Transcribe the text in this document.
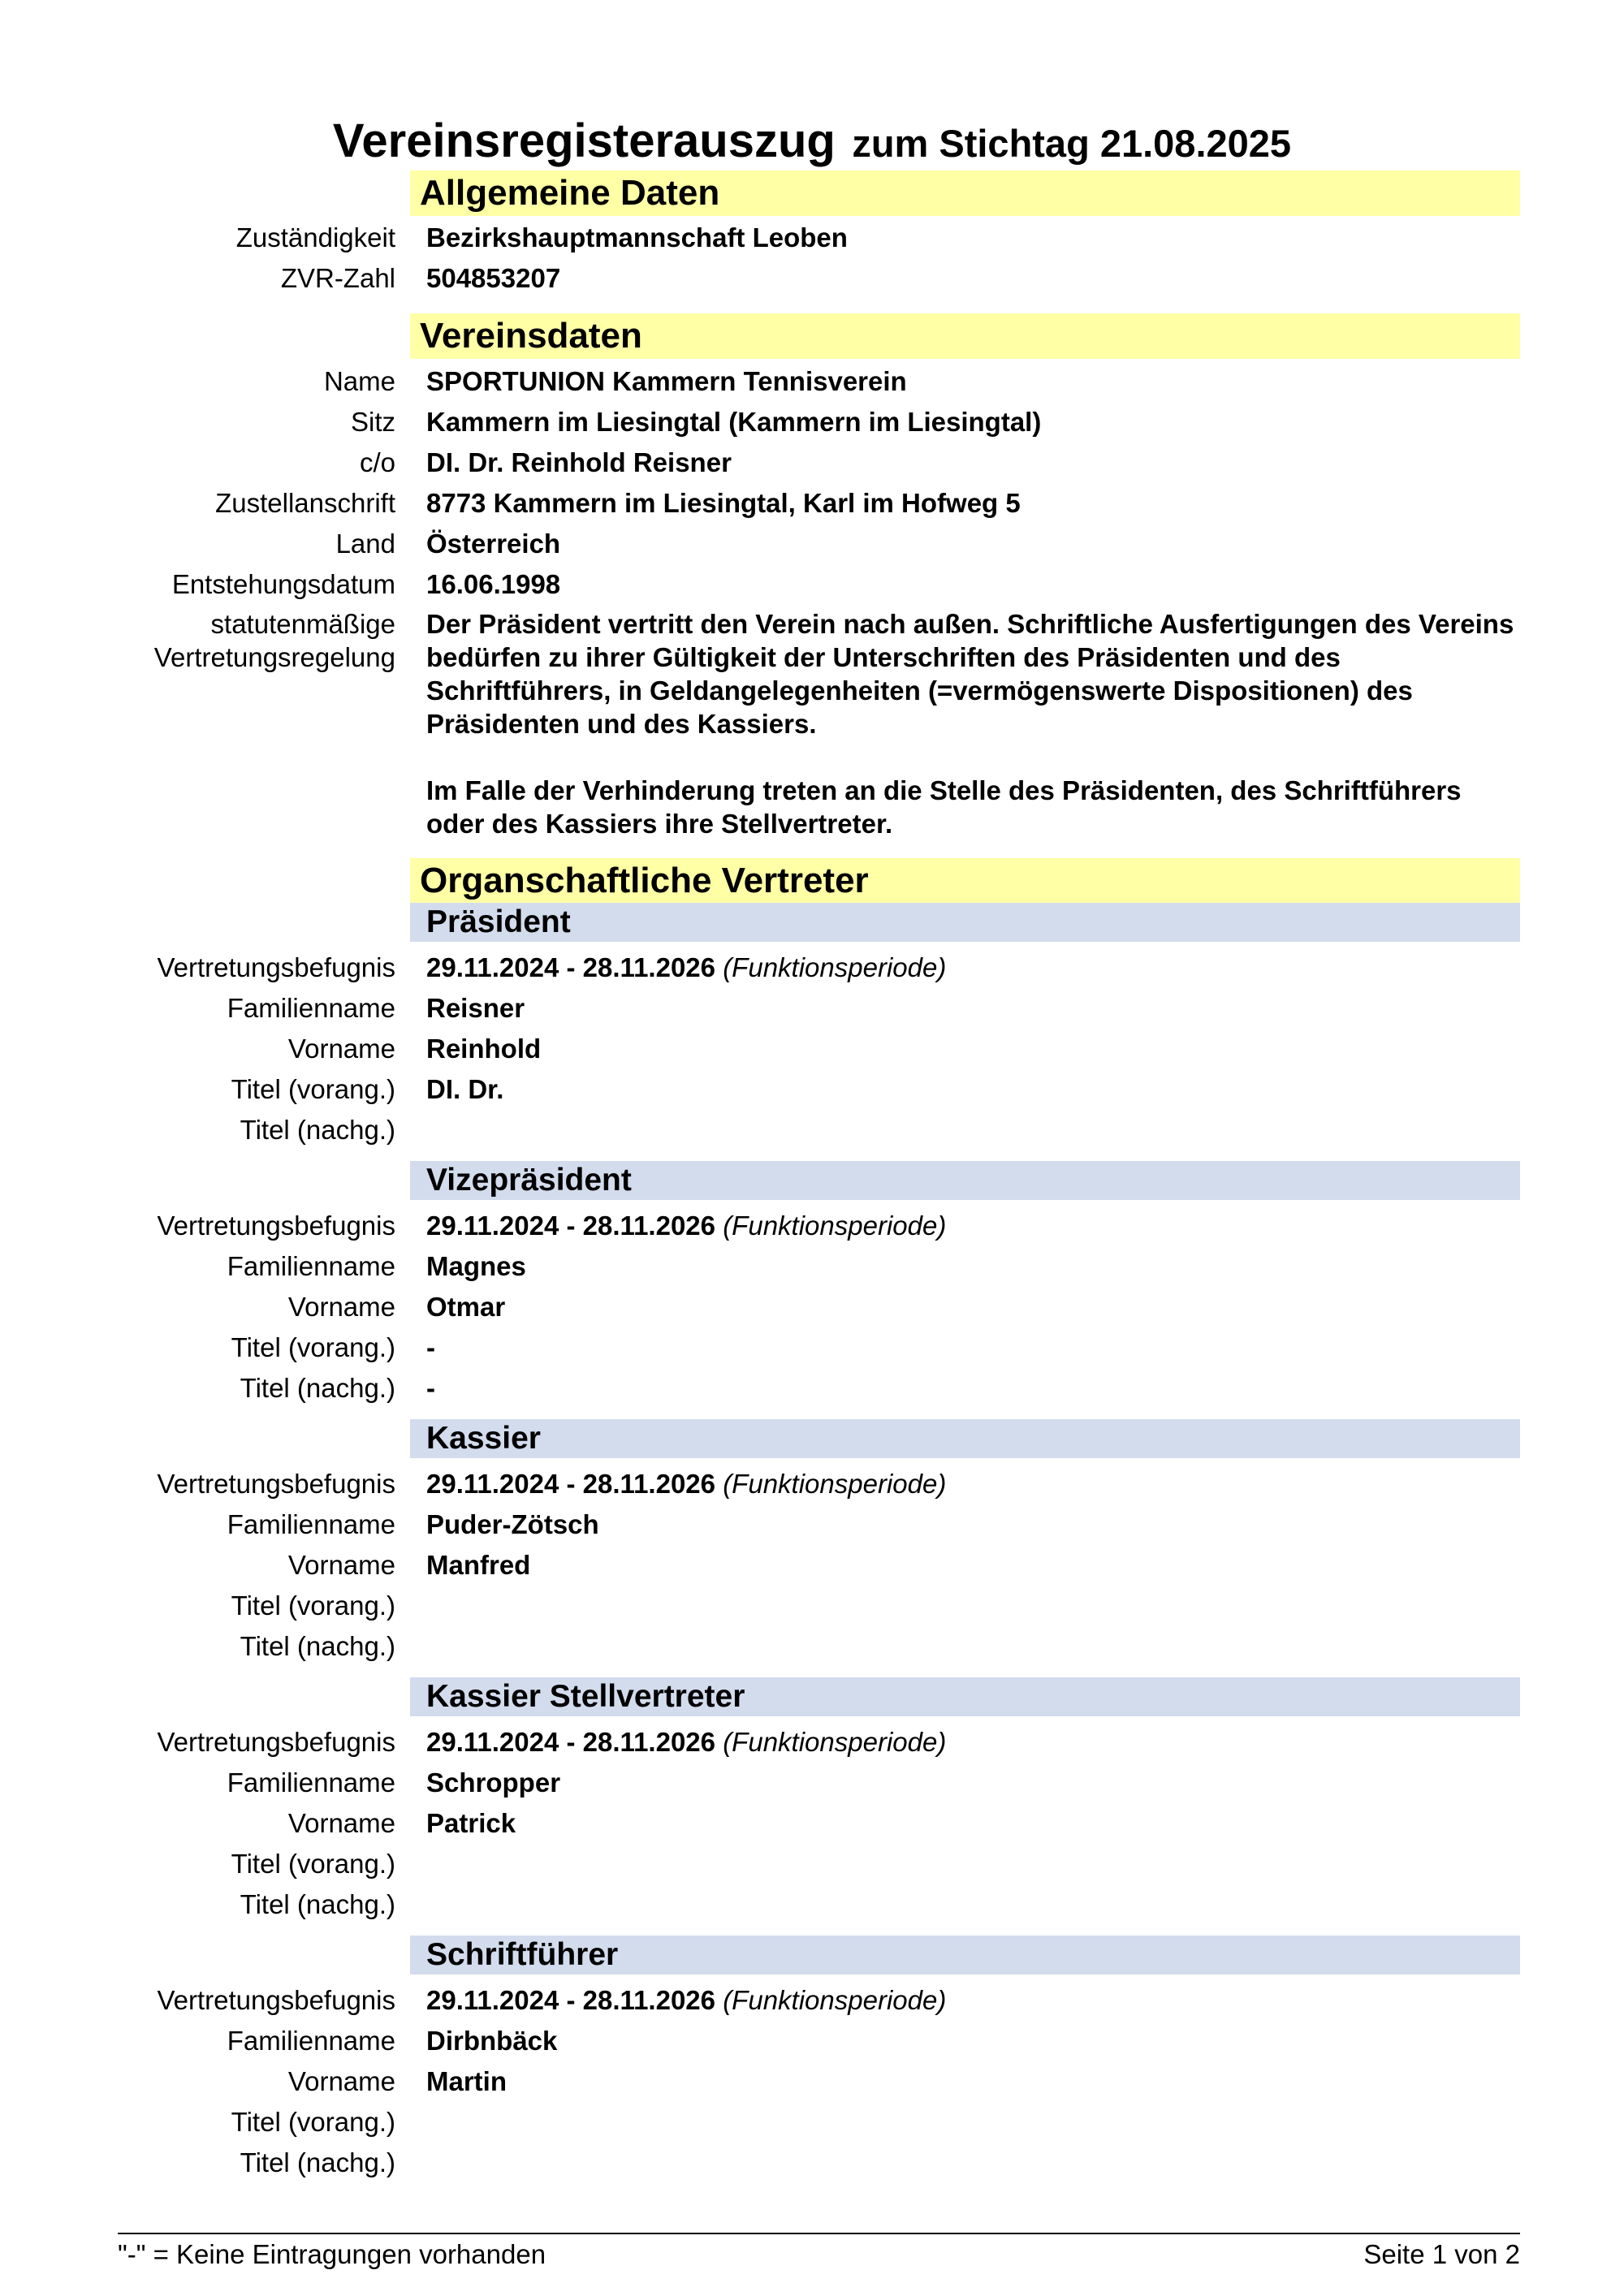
Vereinsregisterauszug zum Stichtag 21.08.2025
Allgemeine Daten
Zuständigkeit Bezirkshauptmannschaft Leoben
ZVR-Zahl 504853207
Vereinsdaten
Name SPORTUNION Kammern Tennisverein
Sitz Kammern im Liesingtal (Kammern im Liesingtal)
c/o DI. Dr. Reinhold Reisner
Zustellanschrift 8773 Kammern im Liesingtal, Karl im Hofweg 5
Land Österreich
Entstehungsdatum 16.06.1998
statutenmäßige
Vertretungsregelung

Der Präsident vertritt den Verein nach außen. Schriftliche Ausfertigungen des Vereins bedürfen zu ihrer Gültigkeit der Unterschriften des Präsidenten und des Schriftführers, in Geldangelegenheiten (=vermögenswerte Dispositionen) des Präsidenten und des Kassiers.

Im Falle der Verhinderung treten an die Stelle des Präsidenten, des Schriftführers oder des Kassiers ihre Stellvertreter.

Organschaftliche Vertreter
Präsident
Vertretungsbefugnis 29.11.2024 - 28.11.2026 (Funktionsperiode)
Familienname Reisner
Vorname Reinhold
Titel (vorang.) DI. Dr.
Titel (nachg.)
Vizepräsident
Vertretungsbefugnis 29.11.2024 - 28.11.2026 (Funktionsperiode)
Familienname Magnes
Vorname Otmar
Titel (vorang.) -
Titel (nachg.) -
Kassier
Vertretungsbefugnis 29.11.2024 - 28.11.2026 (Funktionsperiode)
Familienname Puder-Zötsch
Vorname Manfred
Titel (vorang.)
Titel (nachg.)
Kassier Stellvertreter
Vertretungsbefugnis 29.11.2024 - 28.11.2026 (Funktionsperiode)
Familienname Schropper
Vorname Patrick
Titel (vorang.)
Titel (nachg.)
Schriftführer
Vertretungsbefugnis 29.11.2024 - 28.11.2026 (Funktionsperiode)
Familienname Dirbnbäck
Vorname Martin
Titel (vorang.)
Titel (nachg.)
"-" = Keine Eintragungen vorhanden	Seite 1 von 2
